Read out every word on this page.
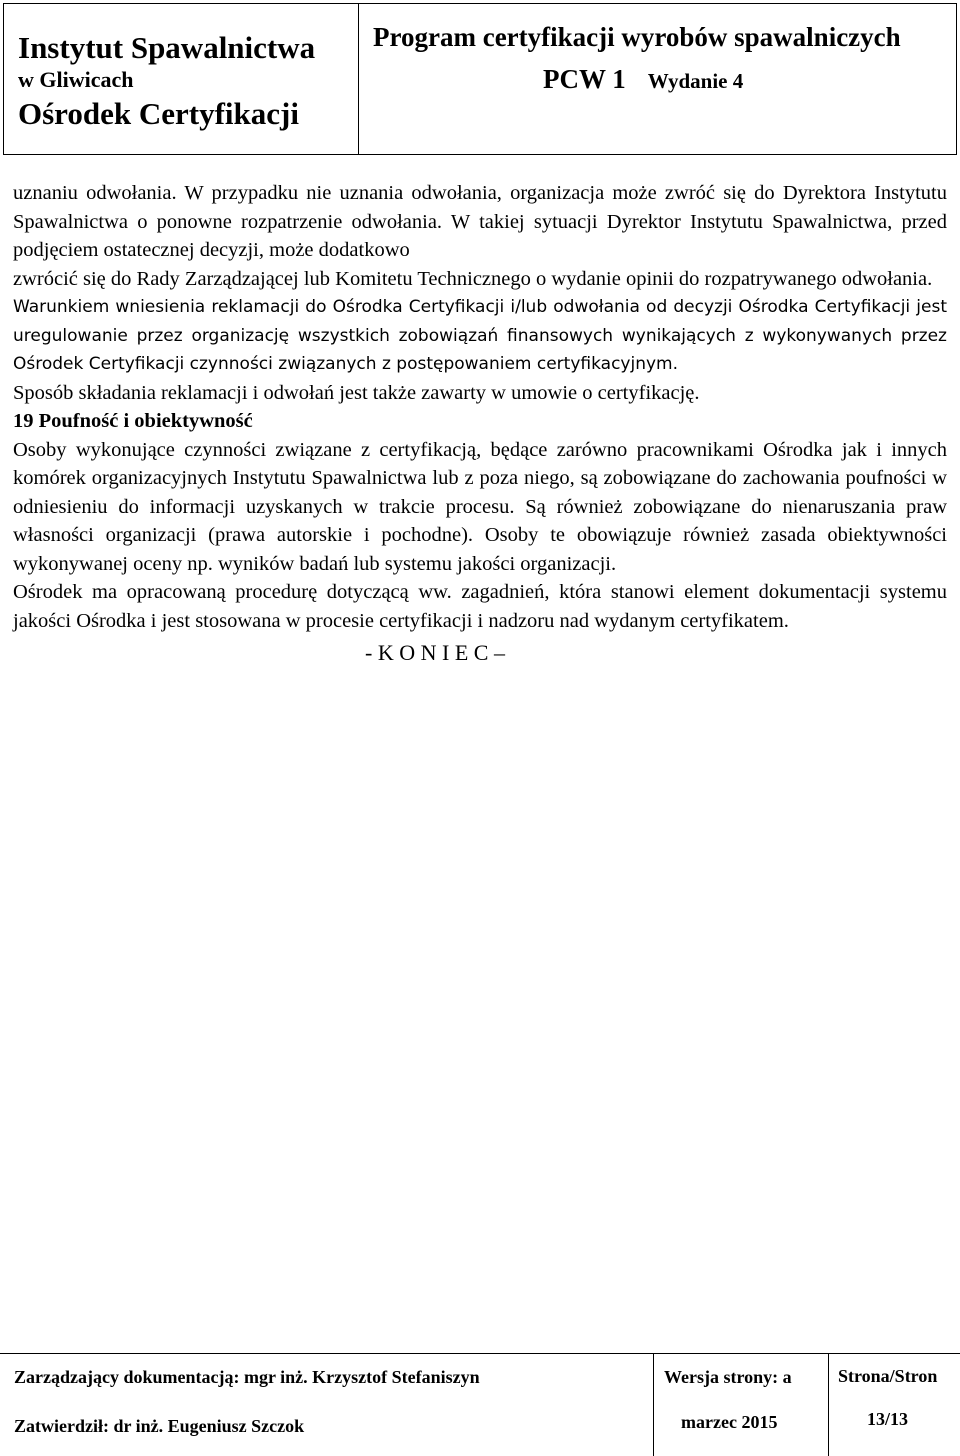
Instytut Spawalnictwa
w Gliwicach
Ośrodek Certyfikacji
Program certyfikacji wyrobów spawalniczych
PCW 1 Wydanie 4

uznaniu odwołania. W przypadku nie uznania odwołania, organizacja może zwróć się do Dyrektora Instytutu Spawalnictwa o ponowne rozpatrzenie odwołania. W takiej sytuacji Dyrektor Instytutu Spawalnictwa, przed podjęciem ostatecznej decyzji, może dodatkowo

zwrócić się do Rady Zarządzającej lub Komitetu Technicznego o wydanie opinii do rozpatrywanego odwołania.

Warunkiem wniesienia reklamacji do Ośrodka Certyfikacji i/lub odwołania od decyzji Ośrodka Certyfikacji jest uregulowanie przez organizację wszystkich zobowiązań finansowych wynikających z wykonywanych przez Ośrodek Certyfikacji czynności związanych z postępowaniem certyfikacyjnym.

Sposób składania reklamacji i odwołań jest także zawarty w umowie o certyfikację.

19 Poufność i obiektywność

Osoby wykonujące czynności związane z certyfikacją, będące zarówno pracownikami Ośrodka jak i innych komórek organizacyjnych Instytutu Spawalnictwa lub z poza niego, są zobowiązane do zachowania poufności w odniesieniu do informacji uzyskanych w trakcie procesu. Są również zobowiązane do nienaruszania praw własności organizacji (prawa autorskie i pochodne). Osoby te obowiązuje również zasada obiektywności wykonywanej oceny np. wyników badań lub systemu jakości organizacji.

Ośrodek ma opracowaną procedurę dotyczącą ww. zagadnień, która stanowi element dokumentacji systemu jakości Ośrodka i jest stosowana w procesie certyfikacji i nadzoru nad wydanym certyfikatem.

- K O N I E C –

Zarządzający dokumentacją: mgr inż. Krzysztof Stefaniszyn	Wersja strony: a	Strona/Stron
Zatwierdził: dr inż. Eugeniusz Szczok	marzec 2015	13/13
